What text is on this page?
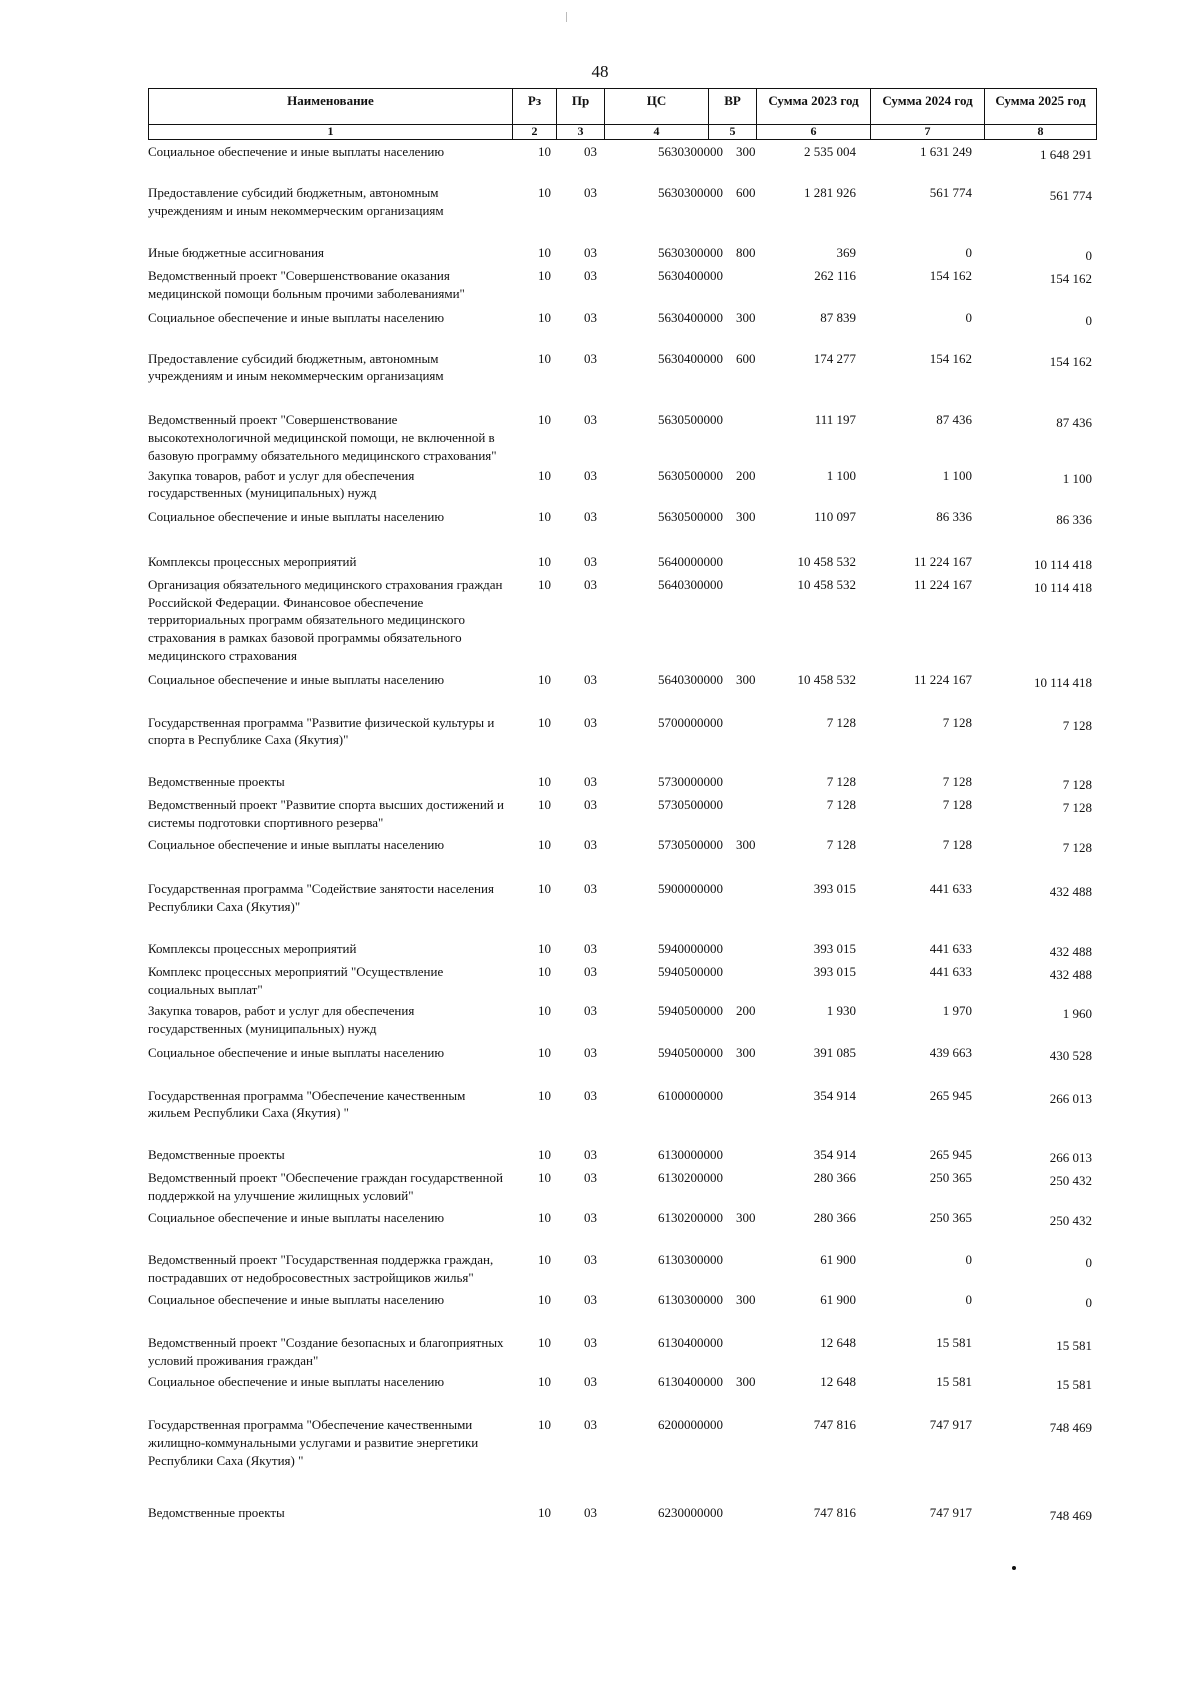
48
Наименование	Рз	Пр	ЦС	ВР	Сумма 2023 год	Сумма 2024 год	Сумма 2025 год
1	2	3	4	5	6	7	8
Социальное обеспечение и иные выплаты населению	10	03	5630300000	300	2 535 004	1 631 249	1 648 291
Предоставление субсидий бюджетным, автономным учреждениям и иным некоммерческим организациям	10	03	5630300000	600	1 281 926	561 774	561 774
Иные бюджетные ассигнования	10	03	5630300000	800	369	0	0
Ведомственный проект "Совершенствование оказания медицинской помощи больным прочими заболеваниями"	10	03	5630400000		262 116	154 162	154 162
Социальное обеспечение и иные выплаты населению	10	03	5630400000	300	87 839	0	0
Предоставление субсидий бюджетным, автономным учреждениям и иным некоммерческим организациям	10	03	5630400000	600	174 277	154 162	154 162
Ведомственный проект "Совершенствование высокотехнологичной медицинской помощи, не включенной в базовую программу обязательного медицинского страхования"	10	03	5630500000		111 197	87 436	87 436
Закупка товаров, работ и услуг для обеспечения государственных (муниципальных) нужд	10	03	5630500000	200	1 100	1 100	1 100
Социальное обеспечение и иные выплаты населению	10	03	5630500000	300	110 097	86 336	86 336
Комплексы процессных мероприятий	10	03	5640000000		10 458 532	11 224 167	10 114 418
Организация обязательного медицинского страхования граждан Российской Федерации. Финансовое обеспечение территориальных программ обязательного медицинского страхования в рамках базовой программы обязательного медицинского страхования	10	03	5640300000		10 458 532	11 224 167	10 114 418
Социальное обеспечение и иные выплаты населению	10	03	5640300000	300	10 458 532	11 224 167	10 114 418
Государственная программа "Развитие физической культуры и спорта в Республике Саха (Якутия)"	10	03	5700000000		7 128	7 128	7 128
Ведомственные проекты	10	03	5730000000		7 128	7 128	7 128
Ведомственный проект "Развитие спорта высших достижений и системы подготовки спортивного резерва"	10	03	5730500000		7 128	7 128	7 128
Социальное обеспечение и иные выплаты населению	10	03	5730500000	300	7 128	7 128	7 128
Государственная программа "Содействие занятости населения Республики Саха (Якутия)"	10	03	5900000000		393 015	441 633	432 488
Комплексы процессных мероприятий	10	03	5940000000		393 015	441 633	432 488
Комплекс процессных мероприятий "Осуществление социальных выплат"	10	03	5940500000		393 015	441 633	432 488
Закупка товаров, работ и услуг для обеспечения государственных (муниципальных) нужд	10	03	5940500000	200	1 930	1 970	1 960
Социальное обеспечение и иные выплаты населению	10	03	5940500000	300	391 085	439 663	430 528
Государственная программа "Обеспечение качественным жильем Республики Саха (Якутия) "	10	03	6100000000		354 914	265 945	266 013
Ведомственные проекты	10	03	6130000000		354 914	265 945	266 013
Ведомственный проект "Обеспечение граждан государственной поддержкой на улучшение жилищных условий"	10	03	6130200000		280 366	250 365	250 432
Социальное обеспечение и иные выплаты населению	10	03	6130200000	300	280 366	250 365	250 432
Ведомственный проект "Государственная поддержка граждан, пострадавших от недобросовестных застройщиков жилья"	10	03	6130300000		61 900	0	0
Социальное обеспечение и иные выплаты населению	10	03	6130300000	300	61 900	0	0
Ведомственный проект "Создание безопасных и благоприятных условий проживания граждан"	10	03	6130400000		12 648	15 581	15 581
Социальное обеспечение и иные выплаты населению	10	03	6130400000	300	12 648	15 581	15 581
Государственная программа "Обеспечение качественными жилищно-коммунальными услугами и развитие энергетики Республики Саха (Якутия) "	10	03	6200000000		747 816	747 917	748 469
Ведомственные проекты	10	03	6230000000		747 816	747 917	748 469
